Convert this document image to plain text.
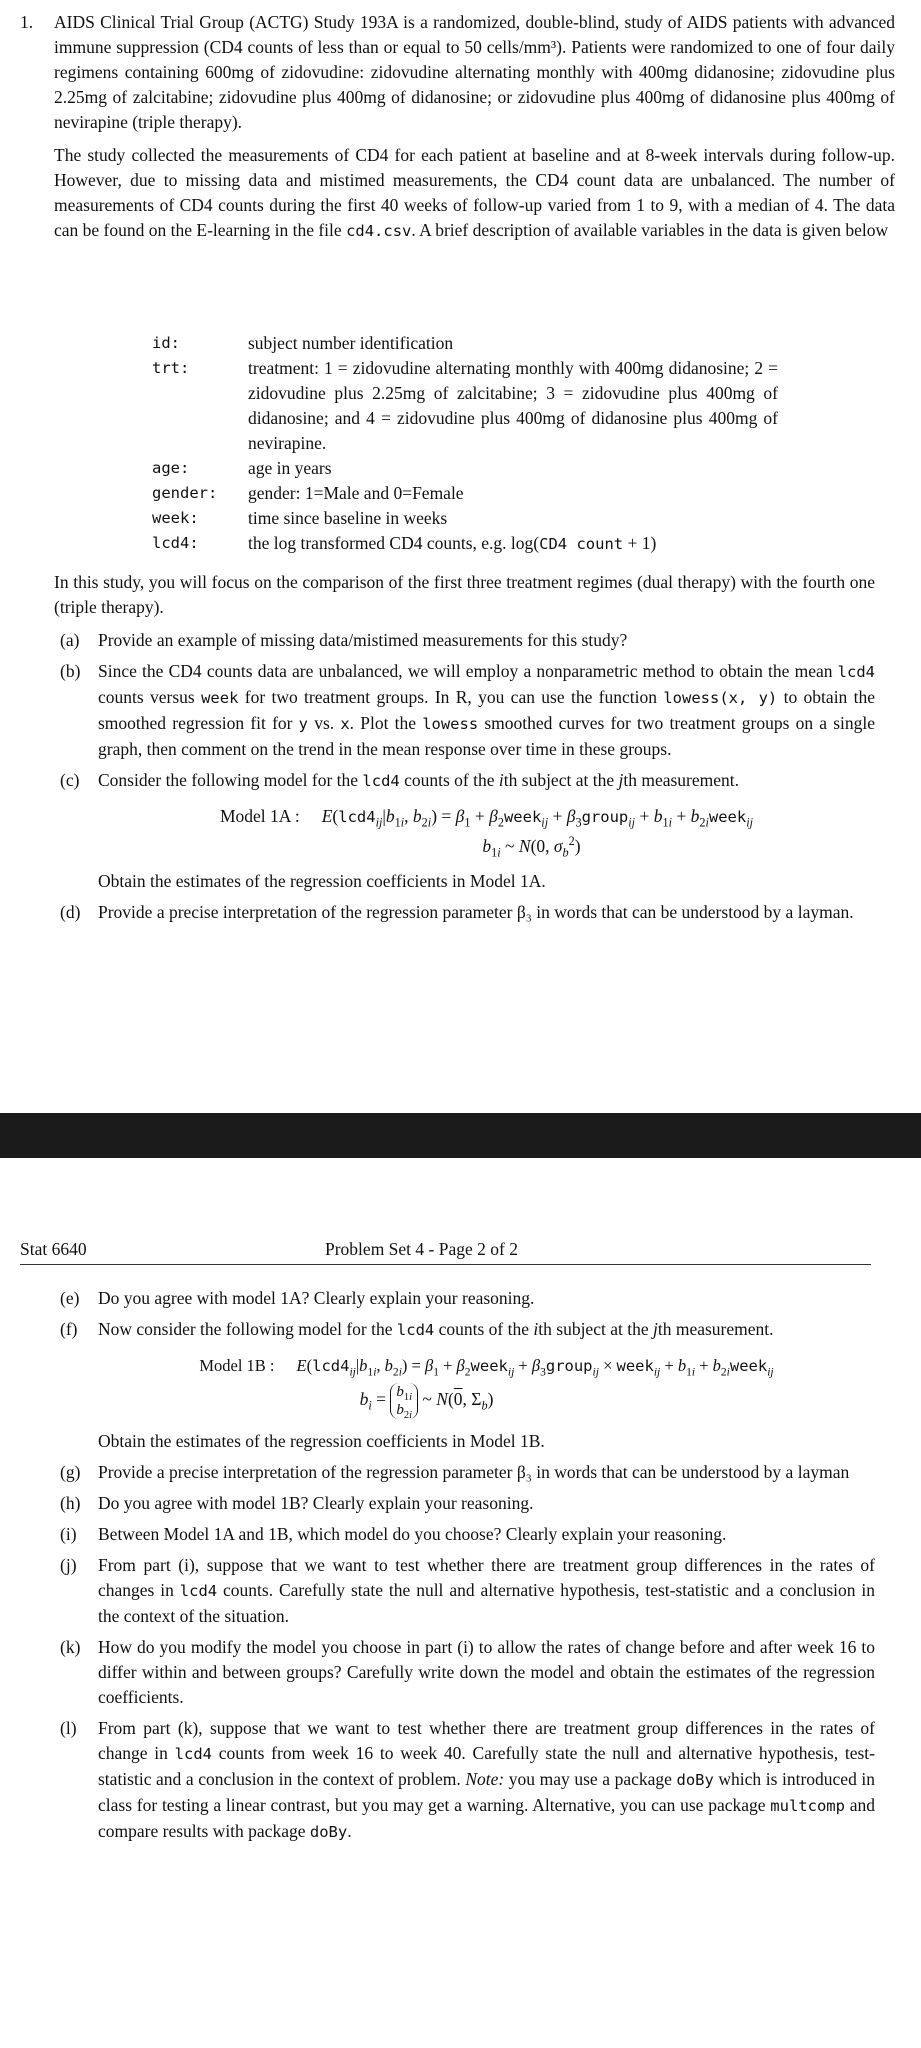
1. AIDS Clinical Trial Group (ACTG) Study 193A is a randomized, double-blind, study of AIDS patients with advanced immune suppression (CD4 counts of less than or equal to 50 cells/mm³). Patients were randomized to one of four daily regimens containing 600mg of zidovudine: zidovudine alternating monthly with 400mg didanosine; zidovudine plus 2.25mg of zalcitabine; zidovudine plus 400mg of didanosine; or zidovudine plus 400mg of didanosine plus 400mg of nevirapine (triple therapy).

The study collected the measurements of CD4 for each patient at baseline and at 8-week intervals during follow-up. However, due to missing data and mistimed measurements, the CD4 count data are unbalanced. The number of measurements of CD4 counts during the first 40 weeks of follow-up varied from 1 to 9, with a median of 4. The data can be found on the E-learning in the file cd4.csv. A brief description of available variables in the data is given below

id:	subject number identification
trt:	treatment: 1 = zidovudine alternating monthly with 400mg didanosine; 2 = zidovudine plus 2.25mg of zalcitabine; 3 = zidovudine plus 400mg of didanosine; and 4 = zidovudine plus 400mg of didanosine plus 400mg of nevirapine.
age:	age in years
gender:	gender: 1=Male and 0=Female
week:	time since baseline in weeks
lcd4:	the log transformed CD4 counts, e.g. log(CD4 count + 1)

In this study, you will focus on the comparison of the first three treatment regimes (dual therapy) with the fourth one (triple therapy).

(a) Provide an example of missing data/mistimed measurements for this study?

(b) Since the CD4 counts data are unbalanced, we will employ a nonparametric method to obtain the mean lcd4 counts versus week for two treatment groups. In R, you can use the function lowess(x, y) to obtain the smoothed regression fit for y vs. x. Plot the lowess smoothed curves for two treatment groups on a single graph, then comment on the trend in the mean response over time in these groups.

(c) Consider the following model for the lcd4 counts of the ith subject at the jth measurement.

Model 1A : $E(lcd4_{ij}|b_{1i}$, $b_{2i}) = \beta_1$ + $\beta_2week_{ij}$ + $\beta_3group_{ij} + b_{1i}$ + $b_{2i}week_{ij}$
$b_{1i}$ ~ N(0, $\sigma_b^2$)

Obtain the estimates of the regression coefficients in Model 1A.

(d) Provide a precise interpretation of the regression parameter β₃ in words that can be understood by a layman.

Stat 6640	Problem Set 4 - Page 2 of 2
(e) Do you agree with model 1A? Clearly explain your reasoning.

(f) Now consider the following model for the lcd4 counts of the ith subject at the jth measurement.

Model 1B : $E(lcd4_{ij}|b_{1i}$, $b_{2i}) = \beta_1$ + $\beta_2week_{ij}$ + $\beta_3group_{ij}$ × week$_{ij}$ + $b_{1i}$ + $b_{2i}week_{ij}$
$b_i = b_{1i}$
$b_{2i}$ ~ N(0, $\Sigma_b$)

Obtain the estimates of the regression coefficients in Model 1B.

(g) Provide a precise interpretation of the regression parameter β₃ in words that can be understood by a layman

(h) Do you agree with model 1B? Clearly explain your reasoning.

(i) Between Model 1A and 1B, which model do you choose? Clearly explain your reasoning.

(j) From part (i), suppose that we want to test whether there are treatment group differences in the rates of changes in lcd4 counts. Carefully state the null and alternative hypothesis, test-statistic and a conclusion in the context of the situation.

(k) How do you modify the model you choose in part (i) to allow the rates of change before and after week 16 to differ within and between groups? Carefully write down the model and obtain the estimates of the regression coefficients.

(l) From part (k), suppose that we want to test whether there are treatment group differences in the rates of change in lcd4 counts from week 16 to week 40. Carefully state the null and alternative hypothesis, test-statistic and a conclusion in the context of problem. Note: you may use a package doBy which is introduced in class for testing a linear contrast, but you may get a warning. Alternative, you can use package multcomp and compare results with package doBy.
